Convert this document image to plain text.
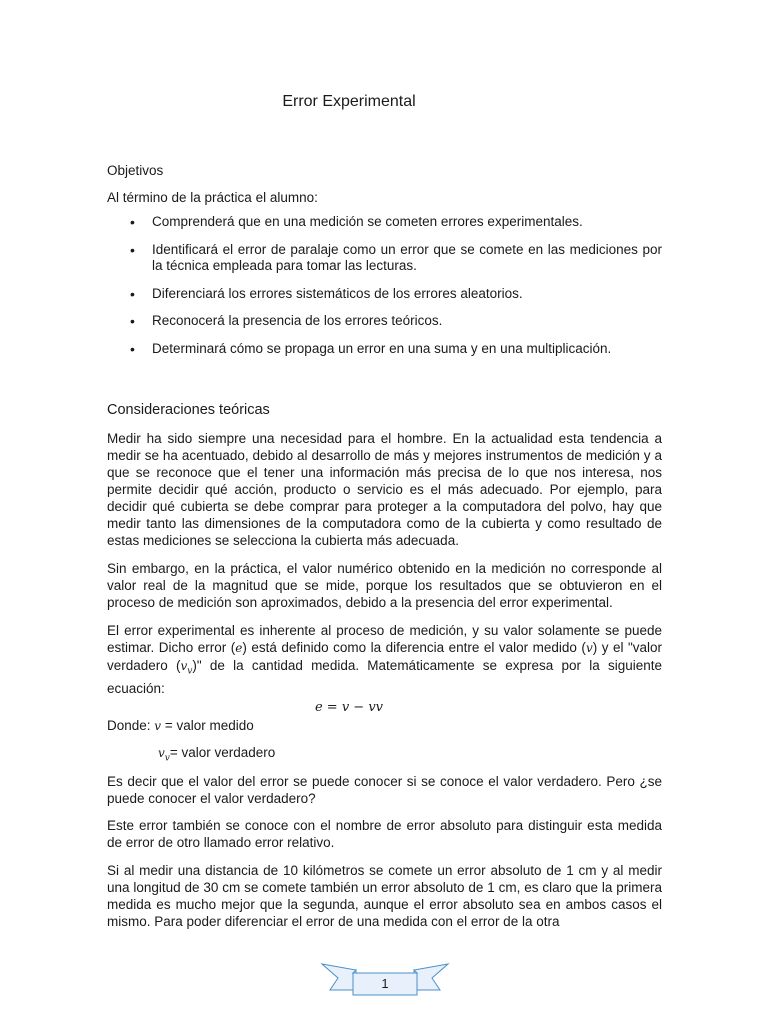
Error Experimental
Objetivos
Al término de la práctica el alumno:
• Comprenderá que en una medición se cometen errores experimentales.
• Identificará el error de paralaje como un error que se comete en las mediciones por la técnica empleada para tomar las lecturas.
• Diferenciará los errores sistemáticos de los errores aleatorios.
• Reconocerá la presencia de los errores teóricos.
• Determinará cómo se propaga un error en una suma y en una multiplicación.
Consideraciones teóricas

Medir ha sido siempre una necesidad para el hombre. En la actualidad esta tendencia a medir se ha acentuado, debido al desarrollo de más y mejores instrumentos de medición y a que se reconoce que el tener una información más precisa de lo que nos interesa, nos permite decidir qué acción, producto o servicio es el más adecuado. Por ejemplo, para decidir qué cubierta se debe comprar para proteger a la computadora del polvo, hay que medir tanto las dimensiones de la computadora como de la cubierta y como resultado de estas mediciones se selecciona la cubierta más adecuada.

Sin embargo, en la práctica, el valor numérico obtenido en la medición no corresponde al valor real de la magnitud que se mide, porque los resultados que se obtuvieron en el proceso de medición son aproximados, debido a la presencia del error experimental.

El error experimental es inherente al proceso de medición, y su valor solamente se puede estimar. Dicho error (e) está definido como la diferencia entre el valor medido (v) y el "valor verdadero $(v_v)$" de la cantidad medida. Matemáticamente se expresa por la siguiente ecuación:

e = v − vv
Donde: v = valor medido
$v_v=$ valor verdadero

Es decir que el valor del error se puede conocer si se conoce el valor verdadero. Pero ¿se puede conocer el valor verdadero?

Este error también se conoce con el nombre de error absoluto para distinguir esta medida de error de otro llamado error relativo.

Si al medir una distancia de 10 kilómetros se comete un error absoluto de 1 cm y al medir una longitud de 30 cm se comete también un error absoluto de 1 cm, es claro que la primera medida es mucho mejor que la segunda, aunque el error absoluto sea en ambos casos el mismo. Para poder diferenciar el error de una medida con el error de la otra

1
